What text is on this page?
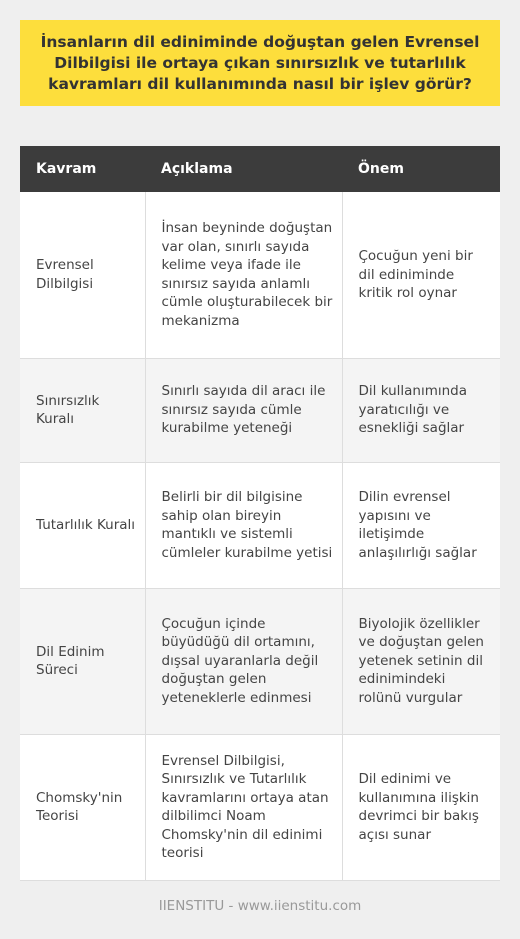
İnsanların dil ediniminde doğuştan gelen Evrensel Dilbilgisi ile ortaya çıkan sınırsızlık ve tutarlılık kavramları dil kullanımında nasıl bir işlev görür?
Kavram	Açıklama	Önem
Evrensel Dilbilgisi	İnsan beyninde doğuştan var olan, sınırlı sayıda kelime veya ifade ile sınırsız sayıda anlamlı cümle oluşturabilecek bir mekanizma	Çocuğun yeni bir dil ediniminde kritik rol oynar
Sınırsızlık Kuralı	Sınırlı sayıda dil aracı ile sınırsız sayıda cümle kurabilme yeteneği	Dil kullanımında yaratıcılığı ve esnekliği sağlar
Tutarlılık Kuralı	Belirli bir dil bilgisine sahip olan bireyin mantıklı ve sistemli cümleler kurabilme yetisi	Dilin evrensel yapısını ve iletişimde anlaşılırlığı sağlar
Dil Edinim Süreci	Çocuğun içinde büyüdüğü dil ortamını, dışsal uyaranlarla değil doğuştan gelen yeteneklerle edinmesi	Biyolojik özellikler ve doğuştan gelen yetenek setinin dil edinimindeki rolünü vurgular
Chomsky'nin Teorisi	Evrensel Dilbilgisi, Sınırsızlık ve Tutarlılık kavramlarını ortaya atan dilbilimci Noam Chomsky'nin dil edinimi teorisi	Dil edinimi ve kullanımına ilişkin devrimci bir bakış açısı sunar
IIENSTITU - www.iienstitu.com
